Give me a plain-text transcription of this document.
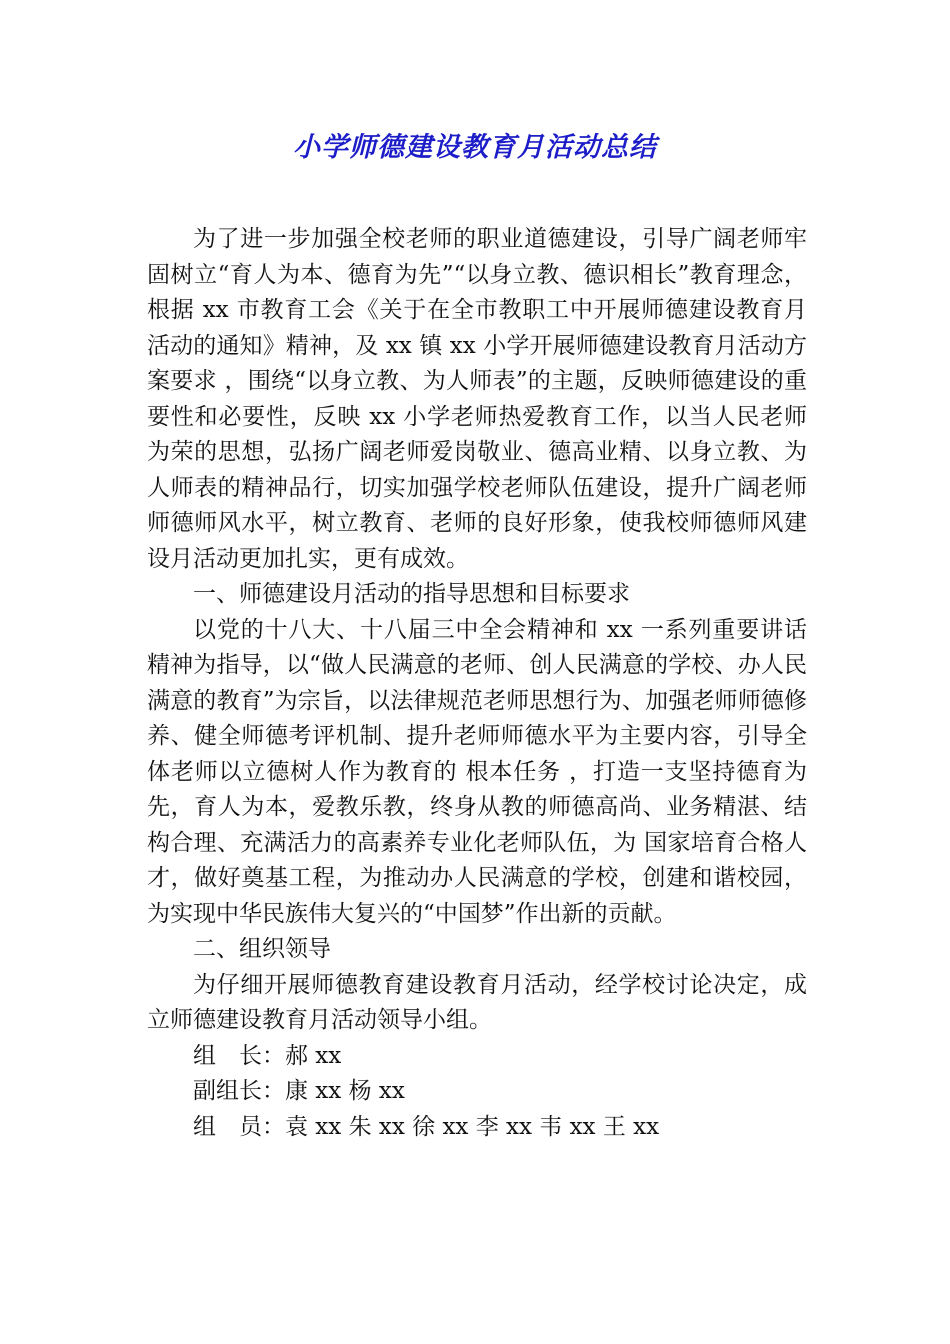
小学师德建设教育月活动总结

为了进一步加强全校老师的职业道德建设，引导广阔老师牢固树立“育人为本、德育为先”“以身立教、德识相长”教育理念，根据 xx 市教育工会《关于在全市教职工中开展师德建设教育月活动的通知》精神，及 xx 镇 xx 小学开展师德建设教育月活动方案要求 ，围绕“以身立教、为人师表”的主题，反映师德建设的重要性和必要性，反映 xx 小学老师热爱教育工作，以当人民老师为荣的思想，弘扬广阔老师爱岗敬业、德高业精、以身立教、为人师表的精神品行，切实加强学校老师队伍建设，提升广阔老师师德师风水平，树立教育、老师的良好形象，使我校师德师风建设月活动更加扎实，更有成效。

一、师德建设月活动的指导思想和目标要求

以党的十八大、十八届三中全会精神和 xx 一系列重要讲话精神为指导，以“做人民满意的老师、创人民满意的学校、办人民满意的教育”为宗旨，以法律规范老师思想行为、加强老师师德修养、健全师德考评机制、提升老师师德水平为主要内容，引导全体老师以立德树人作为教育的 根本任务 ，打造一支坚持德育为先，育人为本，爱教乐教，终身从教的师德高尚、业务精湛、结构合理、充满活力的高素养专业化老师队伍，为 国家培育合格人才，做好奠基工程，为推动办人民满意的学校，创建和谐校园，为实现中华民族伟大复兴的“中国梦”作出新的贡献。

二、组织领导

为仔细开展师德教育建设教育月活动，经学校讨论决定，成立师德建设教育月活动领导小组。

组　长：郝 xx

副组长：康 xx 杨 xx

组　员：袁 xx 朱 xx 徐 xx 李 xx 韦 xx 王 xx
